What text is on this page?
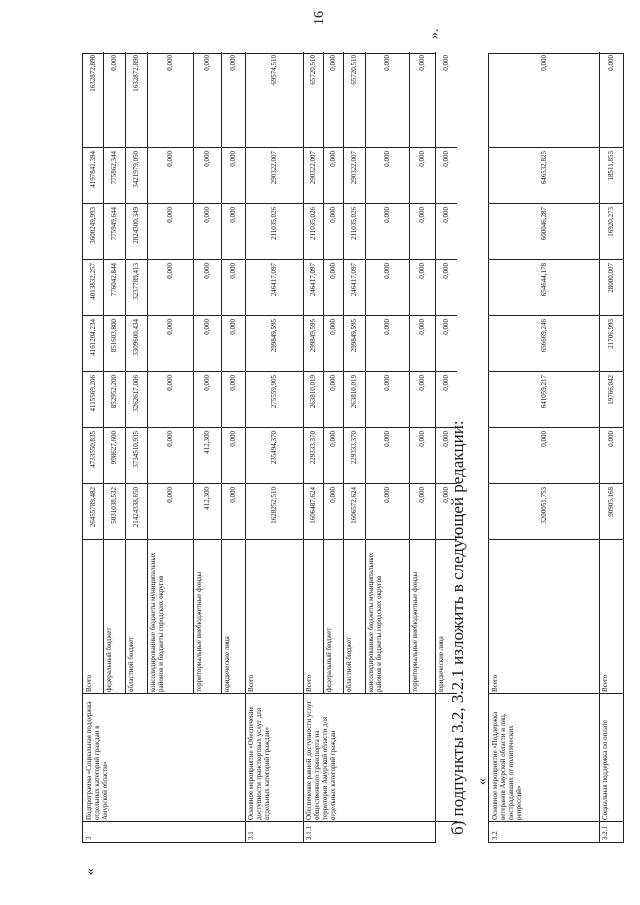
16
«
Всего
26455789,482
4733550,835
4115569,206
4161204,234
4013832,257
3600249,993
4197841,394
1632872,890
федеральный бюджет
5031038,532
998627,600
852952,200
851603,800
776042,844
775949,644
775862,344
0,000
областной бюджет
21424338,650
3734510,935
3262617,006
3309600,434
3237789,413
2824300,349
3421979,050
1632872,890
консолидированные бюджеты муниципальных районов и бюджеты городских округов
0,000
0,000
0,000
0,000
0,000
0,000
0,000
0,000
территориальные внебюджетные фонды
412,300
412,300
0,000
0,000
0,000
0,000
0,000
0,000
юридические лица
0,000
0,000
0,000
0,000
0,000
0,000
0,000
0,000
3
Подпрограмма «Социальная поддержка отдельных категорий граждан в Амурской области»
Всего
1628252,510
235494,370
275559,905
299849,595
246417,097
211035,026
290322,007
69574,510
3.1
Основное мероприятие «Обеспечение доступности транспортных услуг для отдельных категорий граждан»
Всего
1606487,624
229333,370
263810,019
299849,595
246417,097
211035,026
290322,007
65720,510
федеральный бюджет
0,000
0,000
0,000
0,000
0,000
0,000
0,000
0,000
областной бюджет
1606572,624
229333,370
263810,019
299849,595
246417,097
211035,026
290322,007
65720,510
консолидированные бюджеты муниципальных районов и бюджеты городских округов
0,000
0,000
0,000
0,000
0,000
0,000
0,000
0,000
территориальные внебюджетные фонды
0,000
0,000
0,000
0,000
0,000
0,000
0,000
0,000
юридические лица
0,000
0,000
0,000
0,000
0,000
0,000
0,000
0,000
3.1.1
Обеспечение равной доступности услуг общественного транспорта на территории Амурской области для отдельных категорий граждан
».
б) подпункты 3.2, 3.2.1 изложить в следующей редакции: «
Всего
3200051,753
0,000
641059,217
656669,246
654644,178
600046,287
646532,825
0,000
3.2
Основное мероприятие «Поддержка ветеранов Амурской области и лиц, пострадавших от политических репрессий»
Всего
90905,168
0,000
19766,042
21706,993
28000,007
16920,273
18511,853
0,000
3.2.1
Социальная поддержка по оплате
